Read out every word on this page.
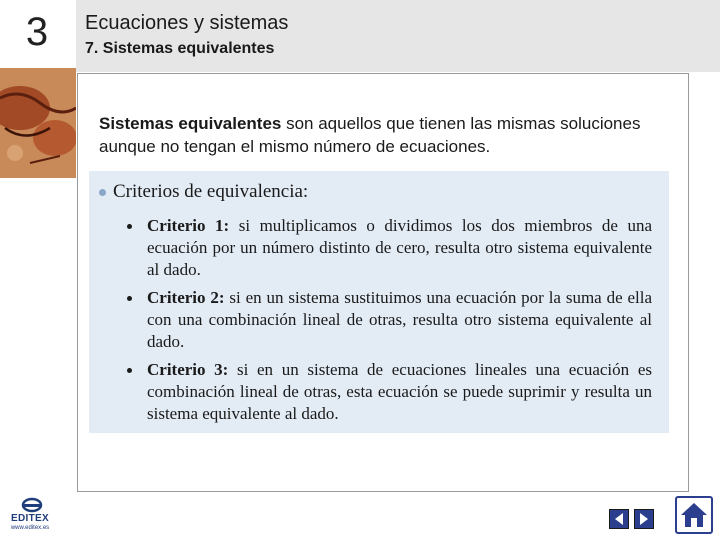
3	Ecuaciones y sistemas
7. Sistemas equivalentes
Sistemas equivalentes son aquellos que tienen las mismas soluciones aunque no tengan el mismo número de ecuaciones.
Criterios de equivalencia:
Criterio 1: si multiplicamos o dividimos los dos miembros de una ecuación por un número distinto de cero, resulta otro sistema equivalente al dado.
Criterio 2: si en un sistema sustituimos una ecuación por la suma de ella con una combinación lineal de otras, resulta otro sistema equivalente al dado.
Criterio 3: si en un sistema de ecuaciones lineales una ecuación es combinación lineal de otras, esta ecuación se puede suprimir y resulta un sistema equivalente al dado.
EDITEX
www.editex.es
